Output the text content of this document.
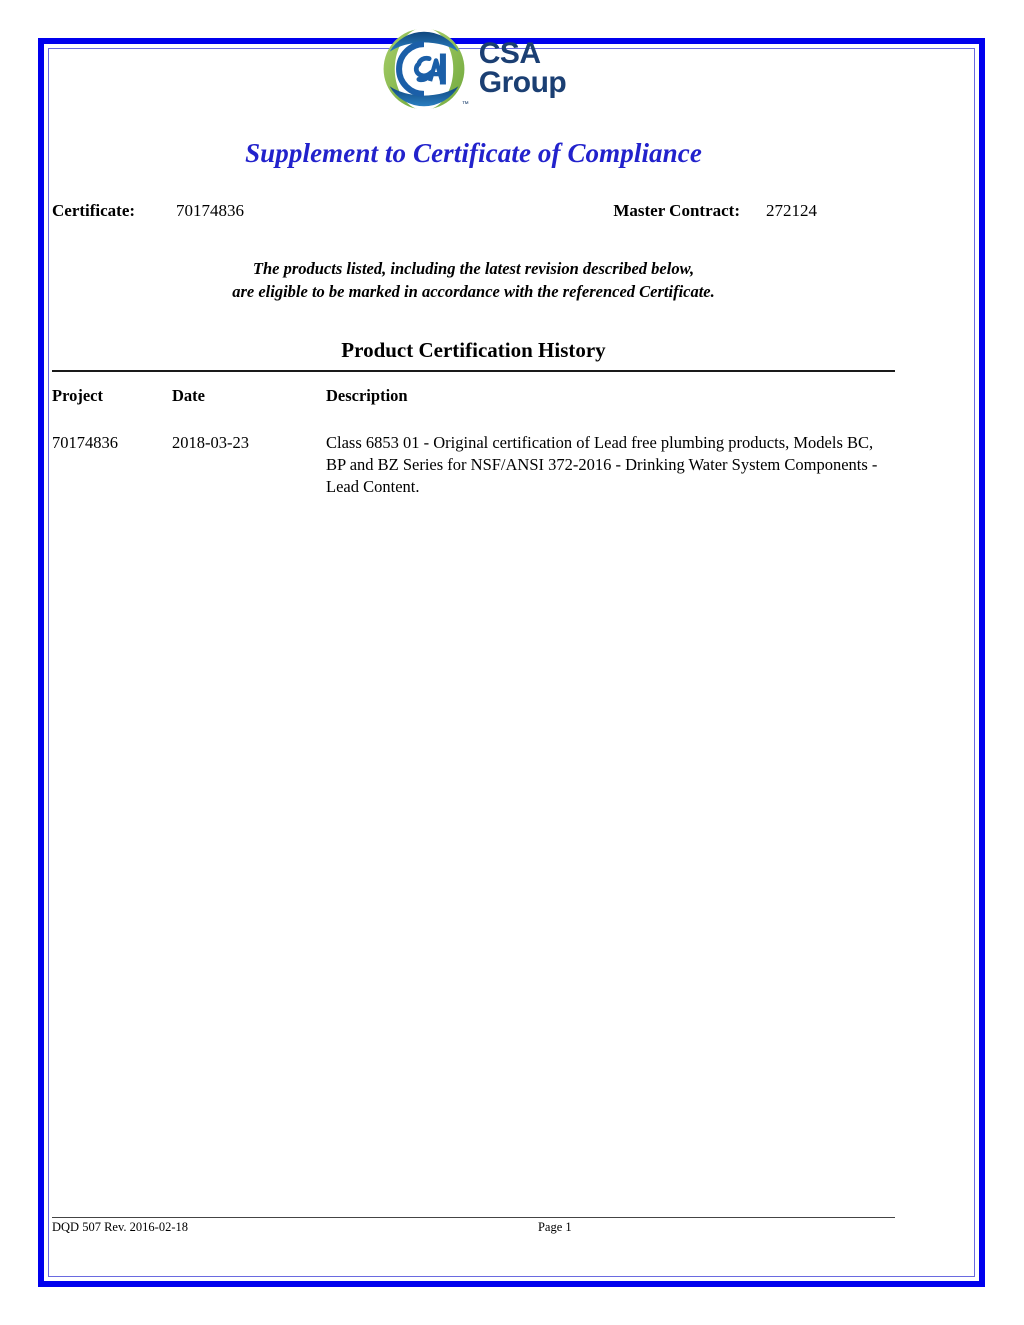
™
CSA
Group
Supplement to Certificate of Compliance
Certificate:	70174836	Master Contract: 272124
The products listed, including the latest revision described below,
are eligible to be marked in accordance with the referenced Certificate.
Product Certification History
Project	Date	Description
70174836	2018-03-23	Class 6853 01 - Original certification of Lead free plumbing products, Models BC, BP and BZ Series for NSF/ANSI 372-2016 - Drinking Water System Components - Lead Content.
DQD 507 Rev. 2016-02-18	Page 1
